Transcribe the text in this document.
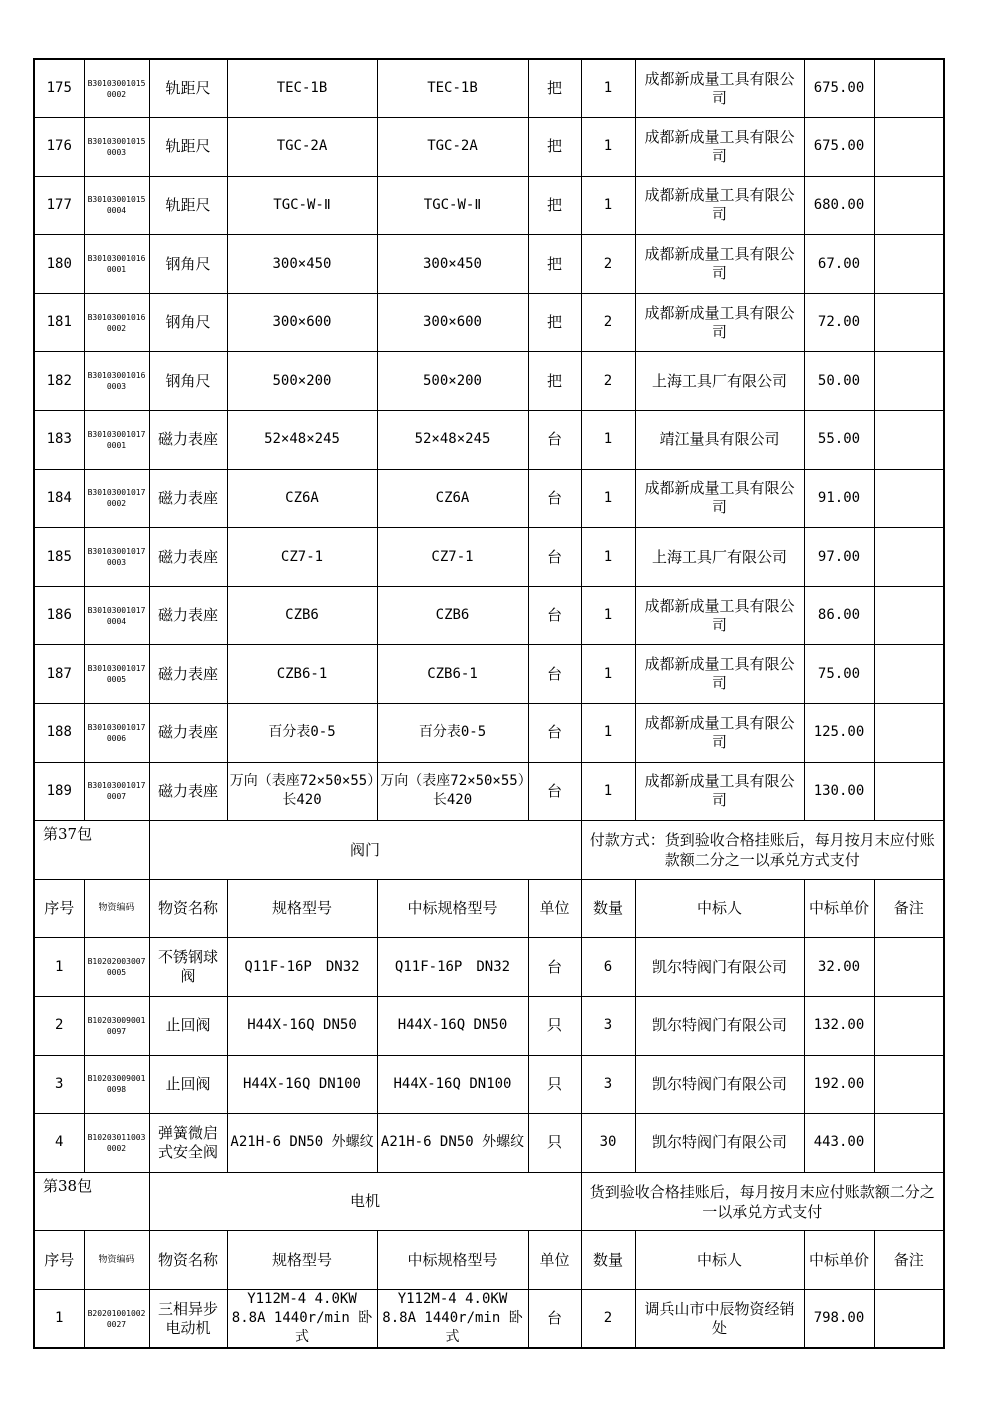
175	B301030010150002	轨距尺	TEC-1B	TEC-1B	把	1	成都新成量工具有限公司	675.00	
176	B301030010150003	轨距尺	TGC-2A	TGC-2A	把	1	成都新成量工具有限公司	675.00	
177	B301030010150004	轨距尺	TGC-W-Ⅱ	TGC-W-Ⅱ	把	1	成都新成量工具有限公司	680.00	
180	B301030010160001	钢角尺	300×450	300×450	把	2	成都新成量工具有限公司	67.00	
181	B301030010160002	钢角尺	300×600	300×600	把	2	成都新成量工具有限公司	72.00	
182	B301030010160003	钢角尺	500×200	500×200	把	2	上海工具厂有限公司	50.00	
183	B301030010170001	磁力表座	52×48×245	52×48×245	台	1	靖江量具有限公司	55.00	
184	B301030010170002	磁力表座	CZ6A	CZ6A	台	1	成都新成量工具有限公司	91.00	
185	B301030010170003	磁力表座	CZ7-1	CZ7-1	台	1	上海工具厂有限公司	97.00	
186	B301030010170004	磁力表座	CZB6	CZB6	台	1	成都新成量工具有限公司	86.00	
187	B301030010170005	磁力表座	CZB6-1	CZB6-1	台	1	成都新成量工具有限公司	75.00	
188	B301030010170006	磁力表座	百分表0-5	百分表0-5	台	1	成都新成量工具有限公司	125.00	
189	B301030010170007	磁力表座	万向（表座72×50×55）长420	万向（表座72×50×55）长420	台	1	成都新成量工具有限公司	130.00	
第37包		阀门				付款方式：货到验收合格挂账后，每月按月末应付账款额二分之一以承兑方式支付			
序号	物资编码	物资名称	规格型号	中标规格型号	单位	数量	中标人	中标单价	备注
1	B102020030070005	不锈钢球阀	Q11F-16P　DN32	Q11F-16P　DN32	台	6	凯尔特阀门有限公司	32.00	
2	B102030090010097	止回阀	H44X-16Q DN50	H44X-16Q DN50	只	3	凯尔特阀门有限公司	132.00	
3	B102030090010098	止回阀	H44X-16Q DN100	H44X-16Q DN100	只	3	凯尔特阀门有限公司	192.00	
4	B102030110030002	弹簧微启式安全阀	A21H-6 DN50 外螺纹	A21H-6 DN50 外螺纹	只	30	凯尔特阀门有限公司	443.00	
第38包		电机				货到验收合格挂账后，每月按月末应付账款额二分之一以承兑方式支付			
序号	物资编码	物资名称	规格型号	中标规格型号	单位	数量	中标人	中标单价	备注
1	B202010010020027	三相异步电动机	Y112M-4 4.0KW 8.8A 1440r/min 卧式	Y112M-4 4.0KW 8.8A 1440r/min 卧式	台	2	调兵山市中辰物资经销处	798.00	
